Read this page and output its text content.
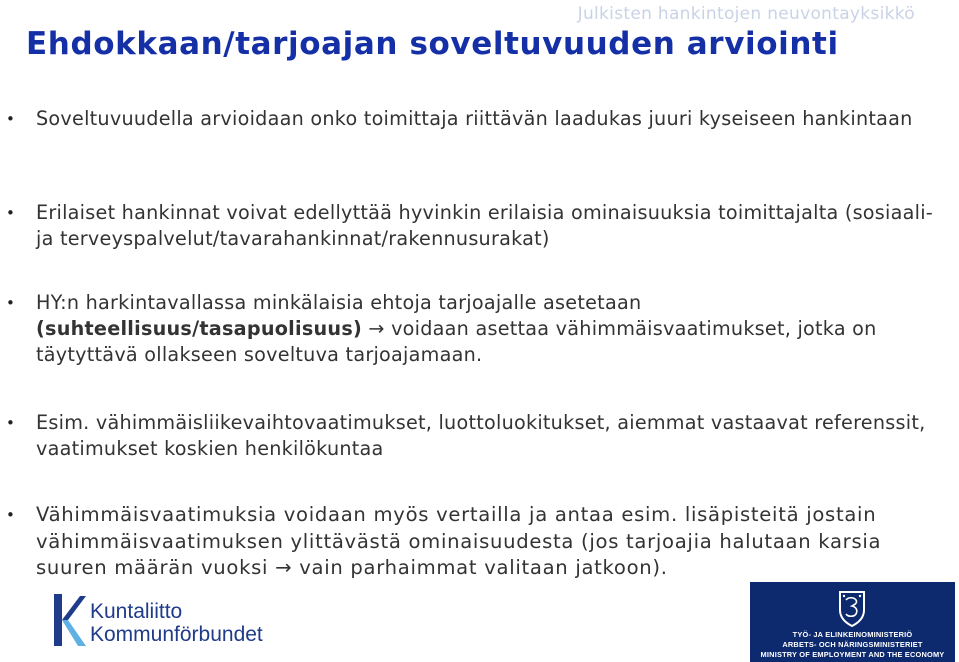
Julkisten hankintojen neuvontayksikkö
Ehdokkaan/tarjoajan soveltuvuuden arviointi
• Soveltuvuudella arvioidaan onko toimittaja riittävän laadukas juuri kyseiseen hankintaan
• Erilaiset hankinnat voivat edellyttää hyvinkin erilaisia ominaisuuksia toimittajalta (sosiaali- ja terveyspalvelut/tavarahankinnat/rakennusurakat)
• HY:n harkintavallassa minkälaisia ehtoja tarjoajalle asetetaan
(suhteellisuus/tasapuolisuus) → voidaan asettaa vähimmäisvaatimukset, jotka on täytyttävä ollakseen soveltuva tarjoajamaan.
• Esim. vähimmäisliikevaihtovaatimukset, luottoluokitukset, aiemmat vastaavat referenssit, vaatimukset koskien henkilökuntaa
• Vähimmäisvaatimuksia voidaan myös vertailla ja antaa esim. lisäpisteitä jostain vähimmäisvaatimuksen ylittävästä ominaisuudesta (jos tarjoajia halutaan karsia suuren määrän vuoksi → vain parhaimmat valitaan jatkoon).
Kuntaliitto
Kommunförbundet	TYÖ- JA ELINKEINOMINISTERIÖ
ARBETS- OCH NÄRINGSMINISTERIET
MINISTRY OF EMPLOYMENT AND THE ECONOMY
